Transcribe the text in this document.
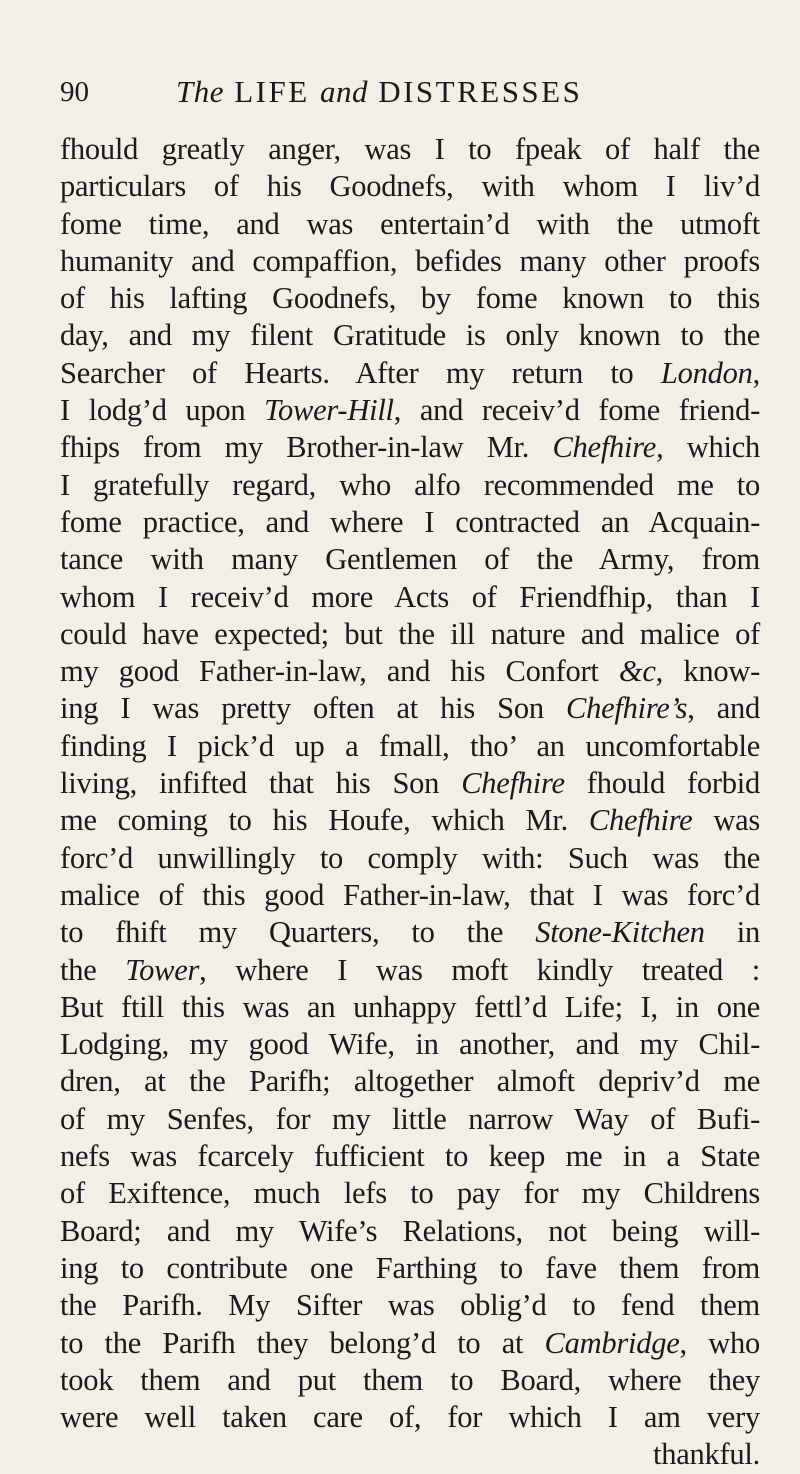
90	The LIFE and DISTRESSES
fhould greatly anger, was I to fpeak of half the
particulars of his Goodnefs, with whom I liv’d
fome time, and was entertain’d with the utmoft
humanity and compaffion, befides many other proofs
of his lafting Goodnefs, by fome known to this
day, and my filent Gratitude is only known to the
Searcher of Hearts. After my return to London,
I lodg’d upon Tower-Hill, and receiv’d fome friend-
fhips from my Brother-in-law Mr. Chefhire, which
I gratefully regard, who alfo recommended me to
fome practice, and where I contracted an Acquain-
tance with many Gentlemen of the Army, from
whom I receiv’d more Acts of Friendfhip, than I
could have expected; but the ill nature and malice of
my good Father-in-law, and his Confort &c, know-
ing I was pretty often at his Son Chefhire’s, and
finding I pick’d up a fmall, tho’ an uncomfortable
living, infifted that his Son Chefhire fhould forbid
me coming to his Houfe, which Mr. Chefhire was
forc’d unwillingly to comply with: Such was the
malice of this good Father-in-law, that I was forc’d
to fhift my Quarters, to the Stone-Kitchen in
the Tower, where I was moft kindly treated :
But ftill this was an unhappy fettl’d Life; I, in one
Lodging, my good Wife, in another, and my Chil-
dren, at the Parifh; altogether almoft depriv’d me
of my Senfes, for my little narrow Way of Bufi-
nefs was fcarcely fufficient to keep me in a State
of Exiftence, much lefs to pay for my Childrens
Board; and my Wife’s Relations, not being will-
ing to contribute one Farthing to fave them from
the Parifh. My Sifter was oblig’d to fend them
to the Parifh they belong’d to at Cambridge, who
took them and put them to Board, where they
were well taken care of, for which I am very
thankful.
